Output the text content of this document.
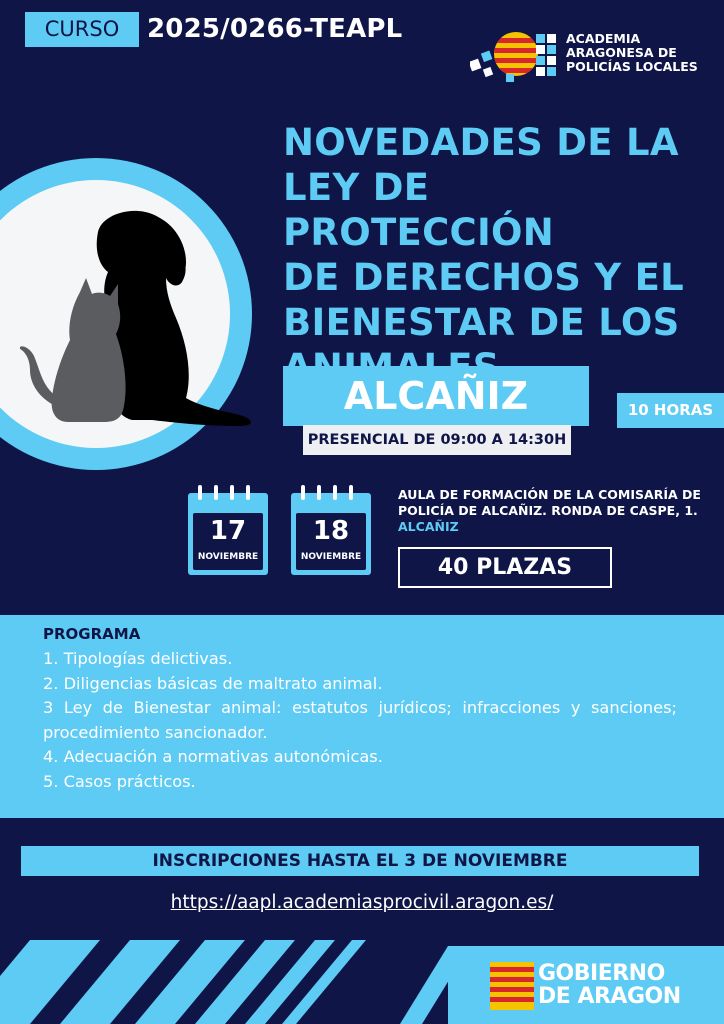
CURSO	2025/0266-TEAPL	ACADEMIA
ARAGONESA DE
POLICÍAS LOCALES
NOVEDADES DE LA
LEY DE PROTECCIÓN
DE DERECHOS Y EL
BIENESTAR DE LOS
ALCAÑIZ	10 HORAS
PRESENCIAL DE 09:00 A 14:30H
17
NOVIEMBRE
18
NOVIEMBRE
AULA DE FORMACIÓN DE LA COMISARÍA DE
POLICÍA DE ALCAÑIZ. RONDA DE CASPE, 1.
ALCAÑIZ
40 PLAZAS
PROGRAMA
1. Tipologías delictivas.
2. Diligencias básicas de maltrato animal.
3 Ley de Bienestar animal: estatutos jurídicos; infracciones y sanciones; procedimiento sancionador.
4. Adecuación a normativas autonómicas.
5. Casos prácticos.
INSCRIPCIONES HASTA EL 3 DE NOVIEMBRE
https://aapl.academiasprocivil.aragon.es/
GOBIERNO
DE ARAGON
